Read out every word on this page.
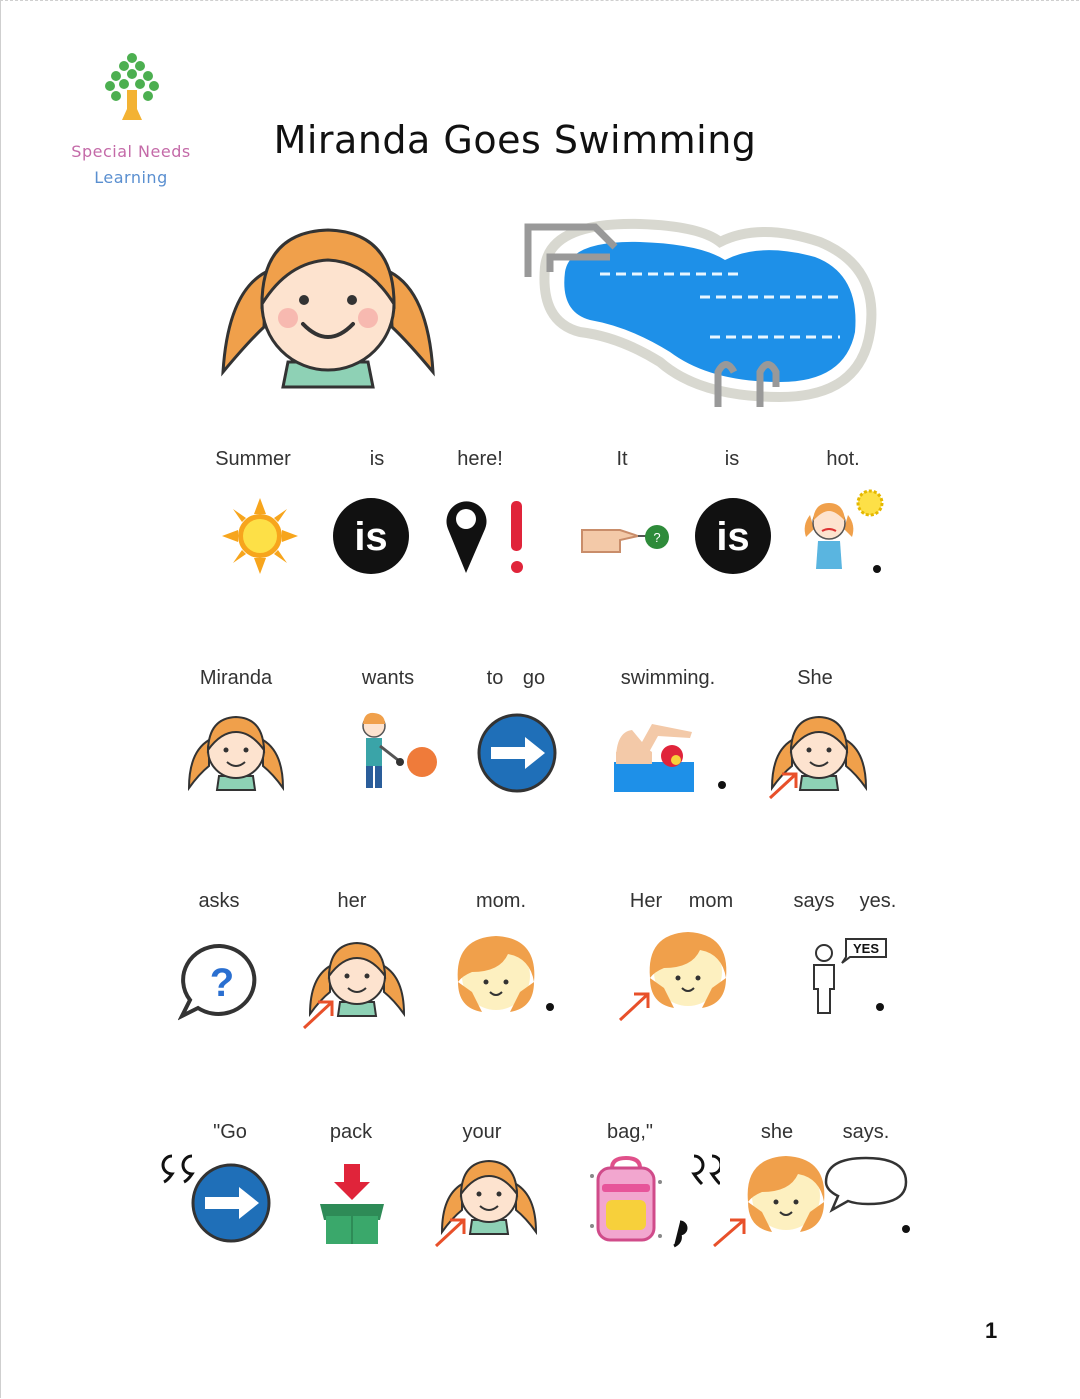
Special Needs
Learning
Miranda Goes Swimming
Summer	is	here!	It	is	hot.
is	? is
Miranda	wants	to go	swimming.	She
asks	her	mom.	Her mom	says yes.
?
YES
"Go	pack	your	bag,"	she says.
1
